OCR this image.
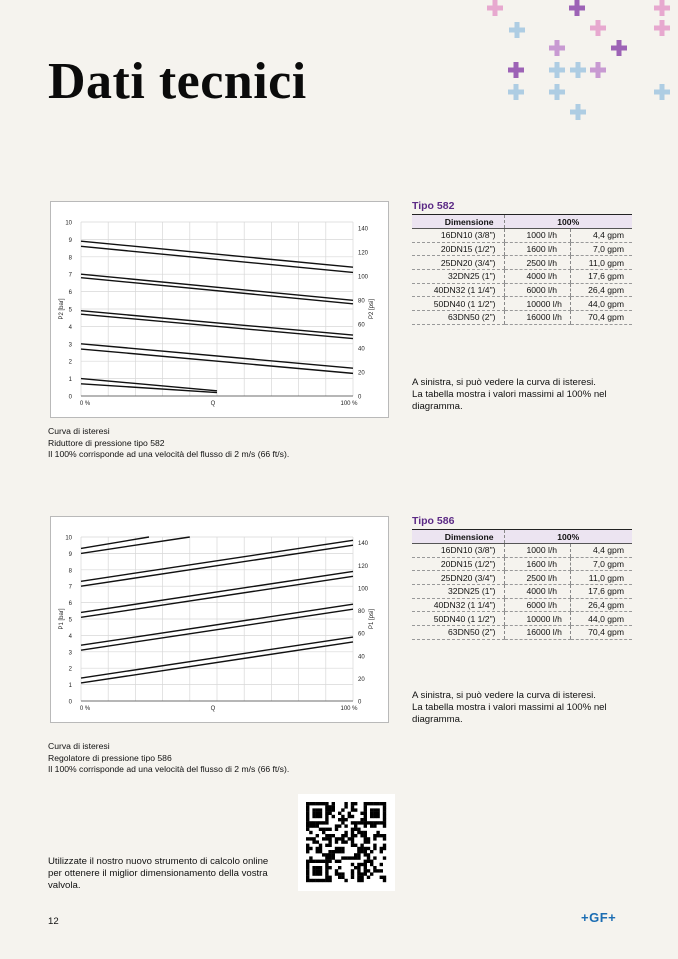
Dati tecnici
0
1
2
3
4
5
6
7
8
9
10
0
20
40
60
80
100
120
140
0 %	Q	100 %
P2 [bar]	P2 [psi]
Curva di isteresi
Riduttore di pressione tipo 582
Il 100% corrisponde ad una velocità del flusso di 2 m/s (66 ft/s).
Tipo 582
Dimensione	100%	
16DN10 (3/8")	1000 l/h	4,4 gpm
20DN15 (1/2")	1600 l/h	7,0 gpm
25DN20 (3/4")	2500 l/h	11,0 gpm
32DN25 (1")	4000 l/h	17,6 gpm
40DN32 (1 1/4")	6000 l/h	26,4 gpm
50DN40 (1 1/2")	10000 l/h	44,0 gpm
63DN50 (2")	16000 l/h	70,4 gpm
A sinistra, si può vedere la curva di isteresi.
La tabella mostra i valori massimi al 100% nel
diagramma.
0
1
2
3
4
5
6
7
8
9
10
0
20
40
60
80
100
120
140
0 %	Q	100 %
P1 [bar]	P1 [psi]
Curva di isteresi
Regolatore di pressione tipo 586
Il 100% corrisponde ad una velocità del flusso di 2 m/s (66 ft/s).
Tipo 586
Dimensione	100%	
16DN10 (3/8")	1000 l/h	4,4 gpm
20DN15 (1/2")	1600 l/h	7,0 gpm
25DN20 (3/4")	2500 l/h	11,0 gpm
32DN25 (1")	4000 l/h	17,6 gpm
40DN32 (1 1/4")	6000 l/h	26,4 gpm
50DN40 (1 1/2")	10000 l/h	44,0 gpm
63DN50 (2")	16000 l/h	70,4 gpm
A sinistra, si può vedere la curva di isteresi.
La tabella mostra i valori massimi al 100% nel
diagramma.
Utilizzate il nostro nuovo strumento di calcolo online
per ottenere il miglior dimensionamento della vostra
valvola.
12	+GF+
